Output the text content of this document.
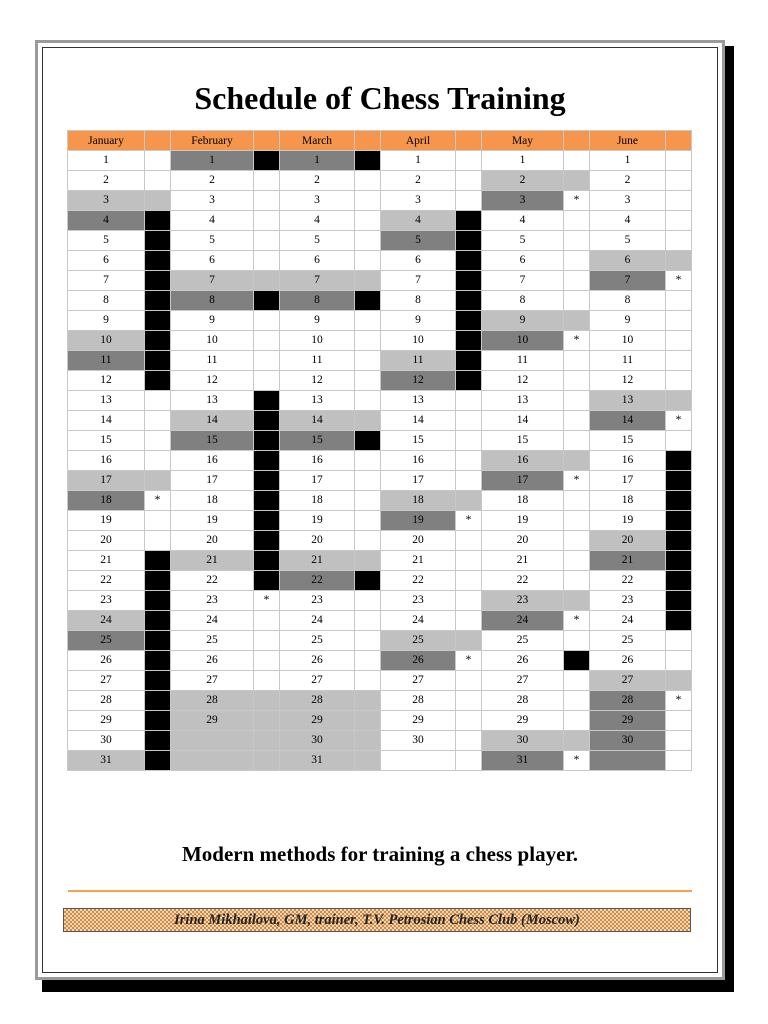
Schedule of Chess Training
January		February		March		April		May		June	
1		1		1		1		1		1	
2		2		2		2		2		2	
3		3		3		3		3	*	3	
4		4		4		4		4		4	
5		5		5		5		5		5	
6		6		6		6		6		6	
7		7		7		7		7		7	*
8		8		8		8		8		8	
9		9		9		9		9		9	
10		10		10		10		10	*	10	
11		11		11		11		11		11	
12		12		12		12		12		12	
13		13		13		13		13		13	
14		14		14		14		14		14	*
15		15		15		15		15		15	
16		16		16		16		16		16	
17		17		17		17		17	*	17	
18	*	18		18		18		18		18	
19		19		19		19	*	19		19	
20		20		20		20		20		20	
21		21		21		21		21		21	
22		22		22		22		22		22	
23		23	*	23		23		23		23	
24		24		24		24		24	*	24	
25		25		25		25		25		25	
26		26		26		26	*	26		26	
27		27		27		27		27		27	
28		28		28		28		28		28	*
29		29		29		29		29		29	
30				30		30		30		30	
31				31				31	*		
Modern methods for training a chess player.
Irina Mikhailova, GM, trainer, T.V. Petrosian Chess Club (Moscow)
